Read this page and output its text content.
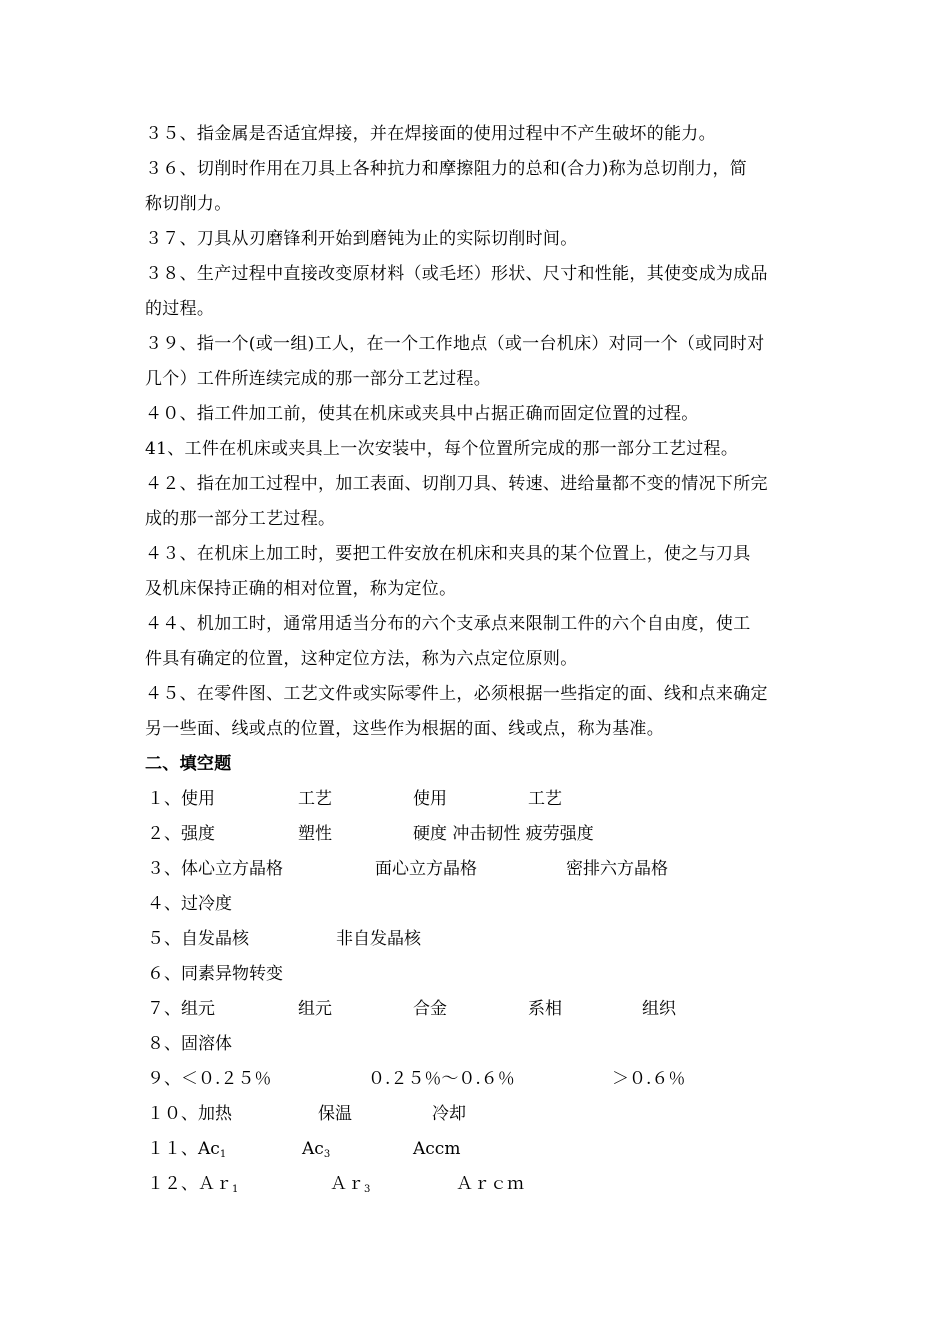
３５、指金属是否适宜焊接，并在焊接面的使用过程中不产生破坏的能力。
３６、切削时作用在刀具上各种抗力和摩擦阻力的总和(合力)称为总切削力，简
称切削力。
３７、刀具从刃磨锋利开始到磨钝为止的实际切削时间。
３８、生产过程中直接改变原材料（或毛坯）形状、尺寸和性能，其使变成为成品
的过程。
３９、指一个(或一组)工人，在一个工作地点（或一台机床）对同一个（或同时对
几个）工件所连续完成的那一部分工艺过程。
４０、指工件加工前，使其在机床或夹具中占据正确而固定位置的过程。
41、工件在机床或夹具上一次安装中，每个位置所完成的那一部分工艺过程。
４２、指在加工过程中，加工表面、切削刀具、转速、进给量都不变的情况下所完
成的那一部分工艺过程。
４３、在机床上加工时，要把工件安放在机床和夹具的某个位置上，使之与刀具
及机床保持正确的相对位置，称为定位。
４４、机加工时，通常用适当分布的六个支承点来限制工件的六个自由度，使工
件具有确定的位置，这种定位方法，称为六点定位原则。
４５、在零件图、工艺文件或实际零件上，必须根据一些指定的面、线和点来确定
另一些面、线或点的位置，这些作为根据的面、线或点，称为基准。
二、填空题
１、使用	工艺	使用	工艺
２、强度	塑性	硬度 冲击韧性 疲劳强度
３、体心立方晶格	面心立方晶格	密排六方晶格
４、过冷度
５、自发晶核	非自发晶核
６、同素异物转变
７、组元	组元	合金	系相	组织
８、固溶体
９、＜０.２５％	０.２５％～０.６％	＞０.６％
１０、加热	保温	冷却
１１、$Ac_1$	$Ac_3$	Accm
１２、Ａｒ$_1$	Ａｒ$_3$	Ａｒｃｍ
